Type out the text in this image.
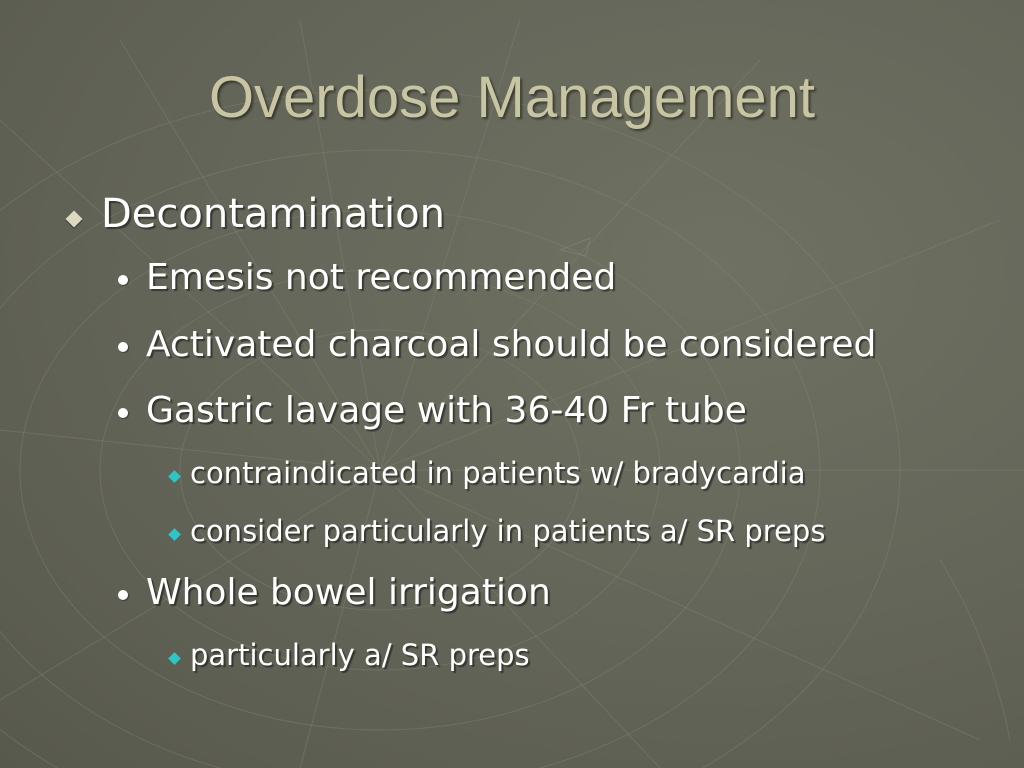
Overdose Management
Decontamination
Emesis not recommended
Activated charcoal should be considered
Gastric lavage with 36-40 Fr tube
contraindicated in patients w/ bradycardia
consider particularly in patients a/ SR preps
Whole bowel irrigation
particularly a/ SR preps
